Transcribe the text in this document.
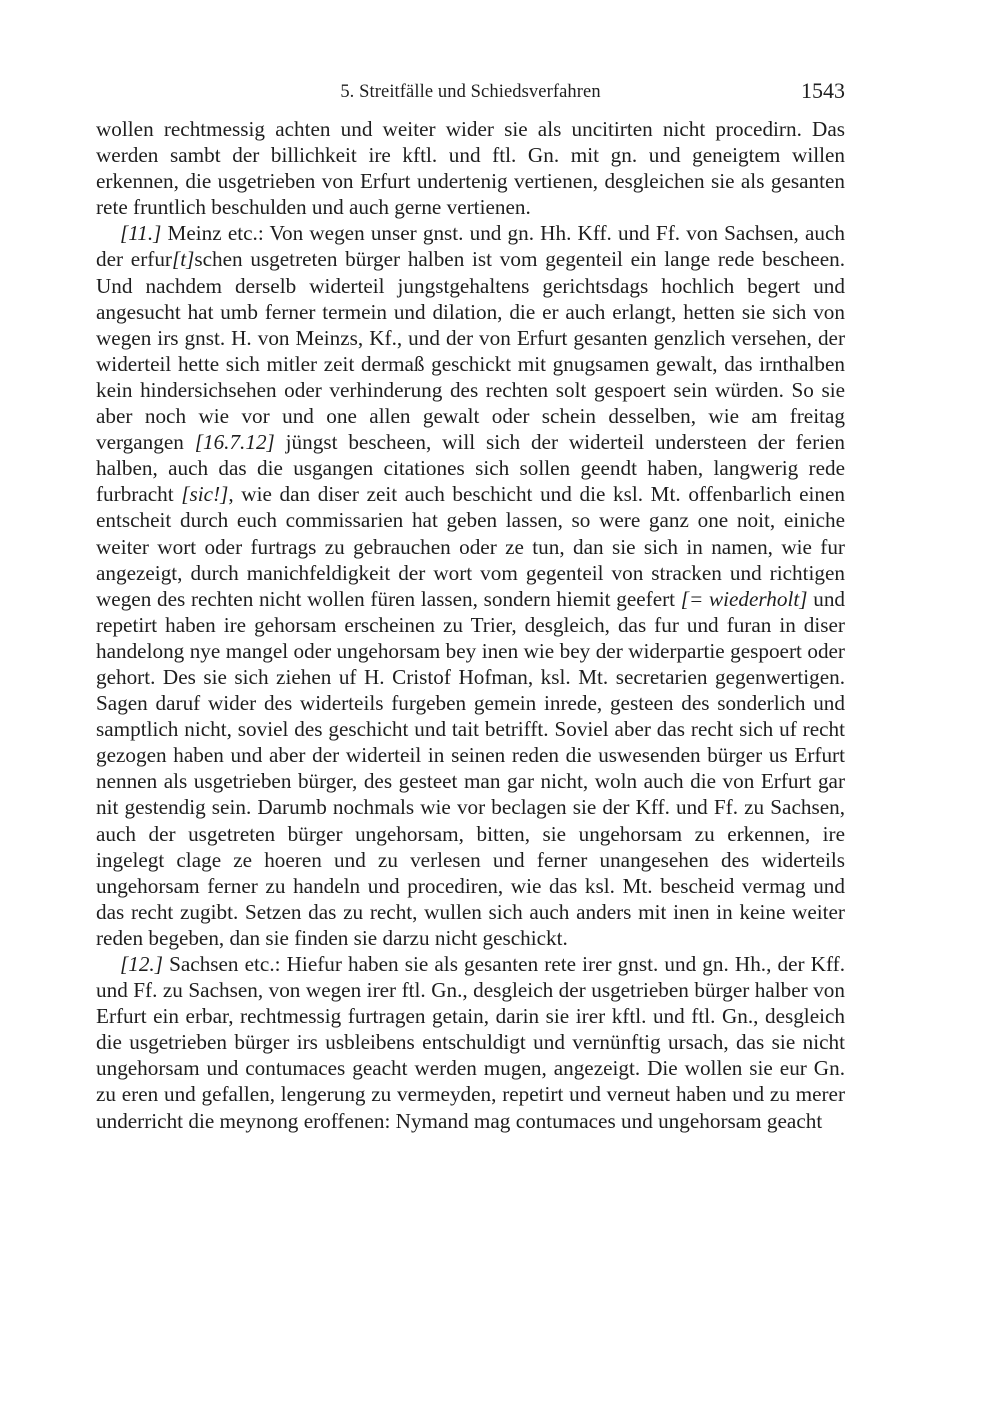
5. Streitfälle und Schiedsverfahren	1543

wollen rechtmessig achten und weiter wider sie als uncitirten nicht procedirn. Das werden sambt der billichkeit ire kftl. und ftl. Gn. mit gn. und geneigtem willen erkennen, die usgetrieben von Erfurt undertenig vertienen, desgleichen sie als gesanten rete fruntlich beschulden und auch gerne vertienen.

[11.] Meinz etc.: Von wegen unser gnst. und gn. Hh. Kff. und Ff. von Sachsen, auch der erfur[t]schen usgetreten bürger halben ist vom gegenteil ein lange rede bescheen. Und nachdem derselb widerteil jungstgehaltens gerichtsdags hochlich begert und angesucht hat umb ferner termein und dilation, die er auch erlangt, hetten sie sich von wegen irs gnst. H. von Meinzs, Kf., und der von Erfurt gesanten genzlich versehen, der widerteil hette sich mitler zeit dermaß geschickt mit gnugsamen gewalt, das irnthalben kein hindersichsehen oder verhinderung des rechten solt gespoert sein würden. So sie aber noch wie vor und one allen gewalt oder schein desselben, wie am freitag vergangen [16.7.12] jüngst bescheen, will sich der widerteil understeen der ferien halben, auch das die usgangen citationes sich sollen geendt haben, langwerig rede furbracht [sic!], wie dan diser zeit auch beschicht und die ksl. Mt. offenbarlich einen entscheit durch euch commissarien hat geben lassen, so were ganz one noit, einiche weiter wort oder furtrags zu gebrauchen oder ze tun, dan sie sich in namen, wie fur angezeigt, durch manichfeldigkeit der wort vom gegenteil von stracken und richtigen wegen des rechten nicht wollen füren lassen, sondern hiemit geefert [= wiederholt] und repetirt haben ire gehorsam erscheinen zu Trier, desgleich, das fur und furan in diser handelong nye mangel oder ungehorsam bey inen wie bey der widerpartie gespoert oder gehort. Des sie sich ziehen uf H. Cristof Hofman, ksl. Mt. secretarien gegenwertigen. Sagen daruf wider des widerteils furgeben gemein inrede, gesteen des sonderlich und samptlich nicht, soviel des geschicht und tait betrifft. Soviel aber das recht sich uf recht gezogen haben und aber der widerteil in seinen reden die uswesenden bürger us Erfurt nennen als usgetrieben bürger, des gesteet man gar nicht, woln auch die von Erfurt gar nit gestendig sein. Darumb nochmals wie vor beclagen sie der Kff. und Ff. zu Sachsen, auch der usgetreten bürger ungehorsam, bitten, sie ungehorsam zu erkennen, ire ingelegt clage ze hoeren und zu verlesen und ferner unangesehen des widerteils ungehorsam ferner zu handeln und procediren, wie das ksl. Mt. bescheid vermag und das recht zugibt. Setzen das zu recht, wullen sich auch anders mit inen in keine weiter reden begeben, dan sie finden sie darzu nicht geschickt.

[12.] Sachsen etc.: Hiefur haben sie als gesanten rete irer gnst. und gn. Hh., der Kff. und Ff. zu Sachsen, von wegen irer ftl. Gn., desgleich der usgetrieben bürger halber von Erfurt ein erbar, rechtmessig furtragen getain, darin sie irer kftl. und ftl. Gn., desgleich die usgetrieben bürger irs usbleibens entschuldigt und vernünftig ursach, das sie nicht ungehorsam und contumaces geacht werden mugen, angezeigt. Die wollen sie eur Gn. zu eren und gefallen, lengerung zu vermeyden, repetirt und verneut haben und zu merer underricht die meynong eroffenen: Nymand mag contumaces und ungehorsam geacht
